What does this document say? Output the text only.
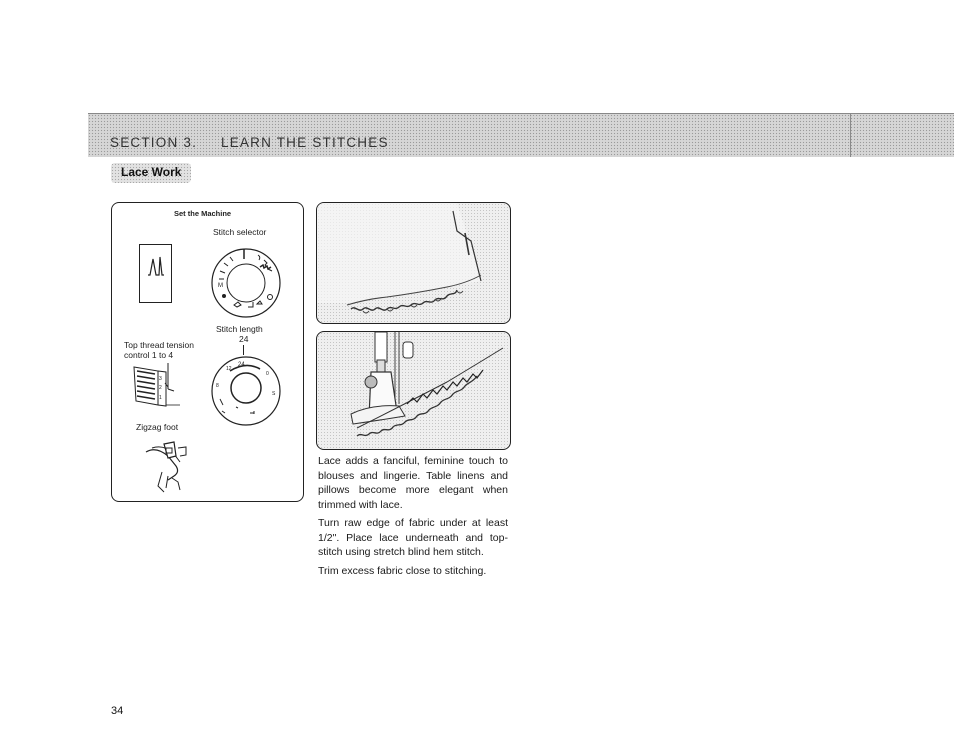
SECTION 3. LEARN THE STITCHES
Lace Work
Set the Machine
Stitch selector
M
Stitch length
24
Top thread tension
control 1 to 4
3
2
1
24
12
8
0
S
Zigzag foot

Lace adds a fanciful, feminine touch to blouses and lingerie. Table linens and pillows become more elegant when trimmed with lace.

Turn raw edge of fabric under at least 1/2". Place lace underneath and top-stitch using stretch blind hem stitch.

Trim excess fabric close to stitching.

34
